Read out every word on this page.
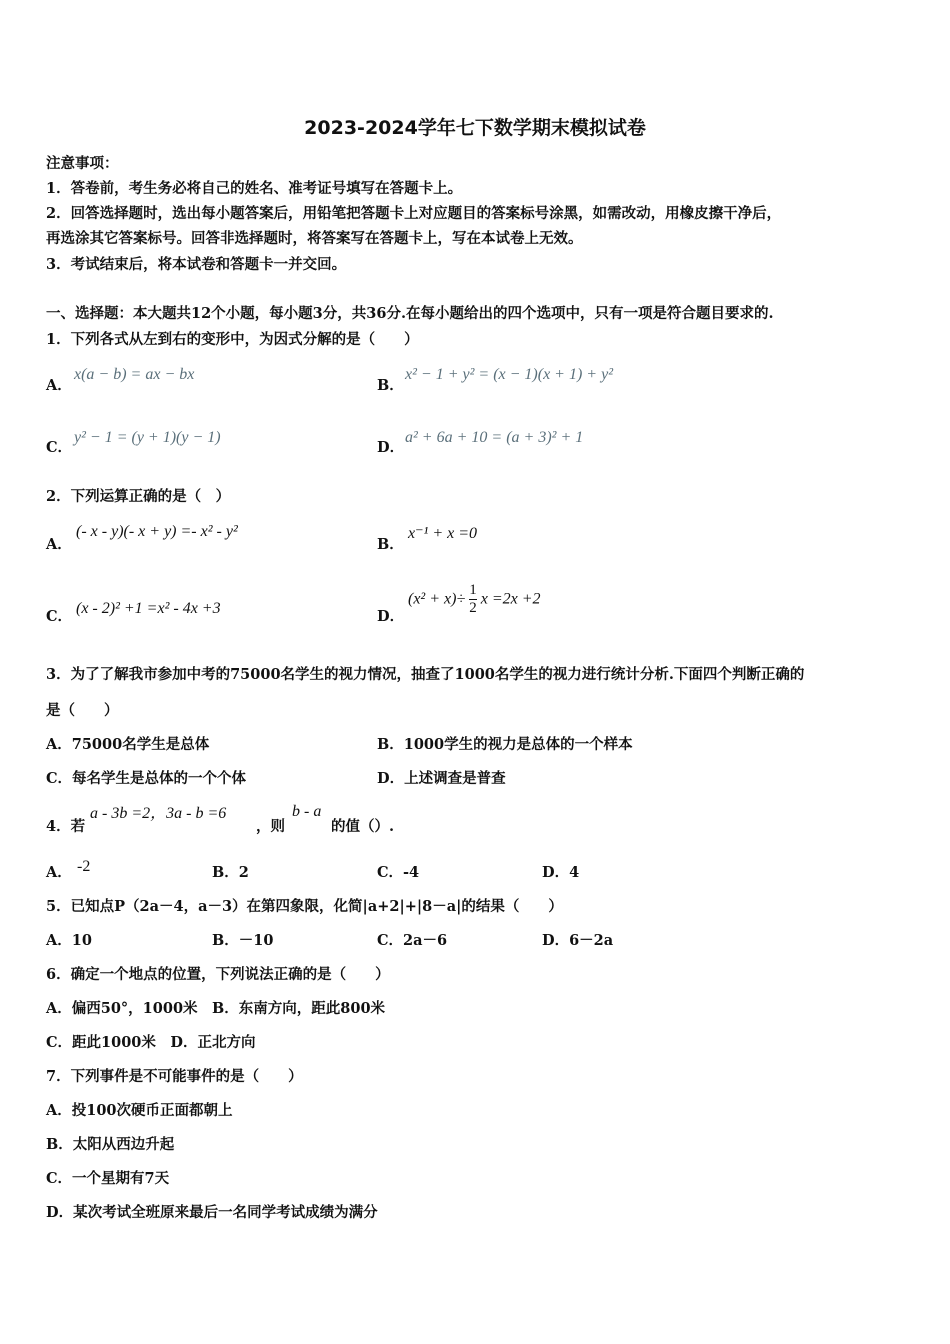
2023-2024学年七下数学期末模拟试卷
注意事项：
1．答卷前，考生务必将自己的姓名、准考证号填写在答题卡上。
2．回答选择题时，选出每小题答案后，用铅笔把答题卡上对应题目的答案标号涂黑，如需改动，用橡皮擦干净后，
再选涂其它答案标号。回答非选择题时，将答案写在答题卡上，写在本试卷上无效。
3．考试结束后，将本试卷和答题卡一并交回。
一、选择题：本大题共12个小题，每小题3分，共36分.在每小题给出的四个选项中，只有一项是符合题目要求的.
1．下列各式从左到右的变形中，为因式分解的是（　　）
A．
x(a − b) = ax − bx
B．
x² − 1 + y² = (x − 1)(x + 1) + y²
C．
y² − 1 = (y + 1)(y − 1)
D．
a² + 6a + 10 = (a + 3)² + 1
2．下列运算正确的是（　）
A．
(- x - y)(- x + y) =- x² - y²
B．
x⁻¹ + x =0
C． (x - 2)² +1 =x² - 4x +3	D．
$(x^2 + x)\div \frac{1}{2}$ x =2x +2
3．为了了解我市参加中考的75000名学生的视力情况，抽查了1000名学生的视力进行统计分析.下面四个判断正确的
是（　　）
A．75000名学生是总体	B．1000学生的视力是总体的一个样本
C．每名学生是总体的一个个体	D．上述调查是普查
4．若
a - 3b =2，3a - b =6
，则
b - a
的值（）.
A． -2	B．2	C．-4	D．4
5．已知点P（2a－4，a－3）在第四象限，化简|a+2|+|8－a|的结果（　　）
A．10	B．－10	C．2a－6	D．6－2a
6．确定一个地点的位置，下列说法正确的是（　　）
A．偏西50°，1000米　B．东南方向，距此800米
C．距此1000米　D．正北方向
7．下列事件是不可能事件的是（　　）
A．投100次硬币正面都朝上
B．太阳从西边升起
C．一个星期有7天
D．某次考试全班原来最后一名同学考试成绩为满分
